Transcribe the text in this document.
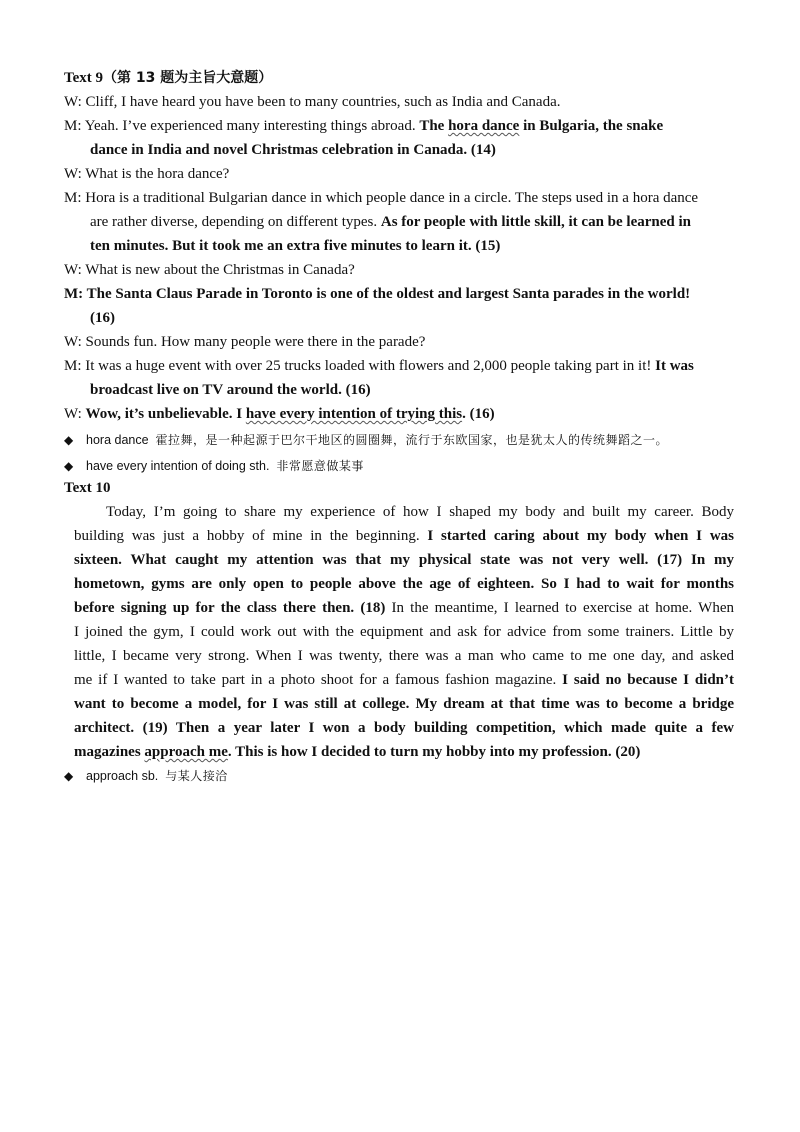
Text 9（第 13 题为主旨大意题）
W: Cliff, I have heard you have been to many countries, such as India and Canada.
M: Yeah. I’ve experienced many interesting things abroad. The hora dance in Bulgaria, the snake
dance in India and novel Christmas celebration in Canada. (14)
W: What is the hora dance?
M: Hora is a traditional Bulgarian dance in which people dance in a circle. The steps used in a hora dance
are rather diverse, depending on different types. As for people with little skill, it can be learned in
ten minutes. But it took me an extra five minutes to learn it. (15)
W: What is new about the Christmas in Canada?
M: The Santa Claus Parade in Toronto is one of the oldest and largest Santa parades in the world!
(16)
W: Sounds fun. How many people were there in the parade?
M: It was a huge event with over 25 trucks loaded with flowers and 2,000 people taking part in it! It was
broadcast live on TV around the world. (16)
W: Wow, it’s unbelievable. I have every intention of trying this. (16)
◆ hora dance 霍拉舞，是一种起源于巴尔干地区的圆圈舞，流行于东欧国家，也是犹太人的传统舞蹈之一。
◆ have every intention of doing sth. 非常愿意做某事
Text 10
Today, I’m going to share my experience of how I shaped my body and built my career. Body
building was just a hobby of mine in the beginning. I started caring about my body when I was
sixteen. What caught my attention was that my physical state was not very well. (17) In my
hometown, gyms are only open to people above the age of eighteen. So I had to wait for months
before signing up for the class there then. (18) In the meantime, I learned to exercise at home. When
I joined the gym, I could work out with the equipment and ask for advice from some trainers. Little by
little, I became very strong. When I was twenty, there was a man who came to me one day, and asked
me if I wanted to take part in a photo shoot for a famous fashion magazine. I said no because I didn’t
want to become a model, for I was still at college. My dream at that time was to become a bridge
architect. (19) Then a year later I won a body building competition, which made quite a few
magazines approach me. This is how I decided to turn my hobby into my profession. (20)
◆ approach sb. 与某人接洽
